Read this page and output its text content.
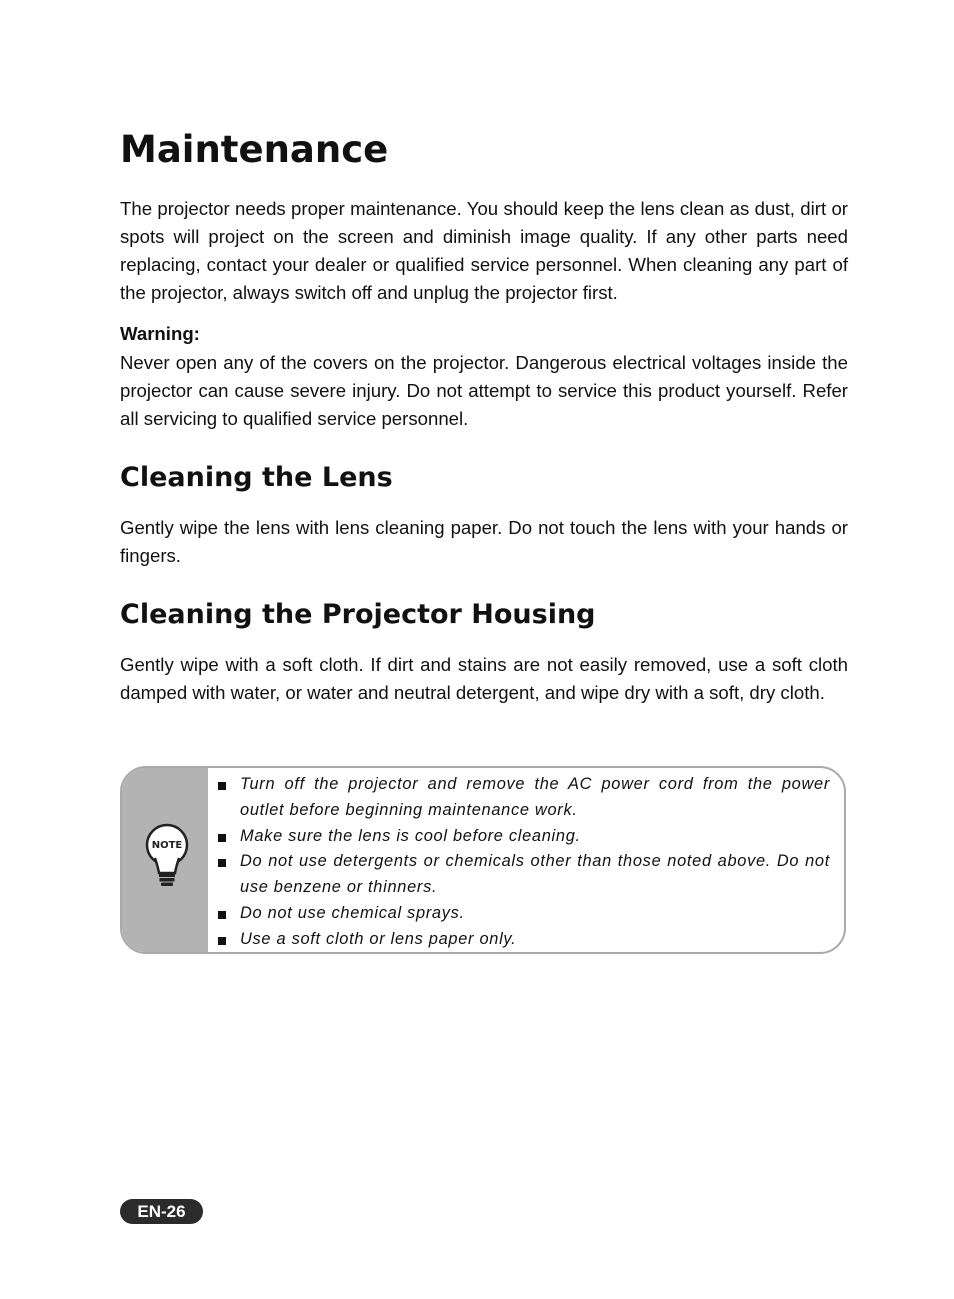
Maintenance

The projector needs proper maintenance. You should keep the lens clean as dust, dirt or spots will project on the screen and diminish image quality. If any other parts need replacing, contact your dealer or qualified service personnel. When cleaning any part of the projector, always switch off and unplug the projector first.

Warning:

Never open any of the covers on the projector. Dangerous electrical voltages inside the projector can cause severe injury. Do not attempt to service this product yourself. Refer all servicing to qualified service personnel.

Cleaning the Lens

Gently wipe the lens with lens cleaning paper. Do not touch the lens with your hands or fingers.

Cleaning the Projector Housing

Gently wipe with a soft cloth. If dirt and stains are not easily removed, use a soft cloth damped with water, or water and neutral detergent, and wipe dry with a soft, dry cloth.

NOTE
Turn off the projector and remove the AC power cord from the power outlet before beginning maintenance work.
Make sure the lens is cool before cleaning.
Do not use detergents or chemicals other than those noted above. Do not use benzene or thinners.
Do not use chemical sprays.
Use a soft cloth or lens paper only.
EN-26
